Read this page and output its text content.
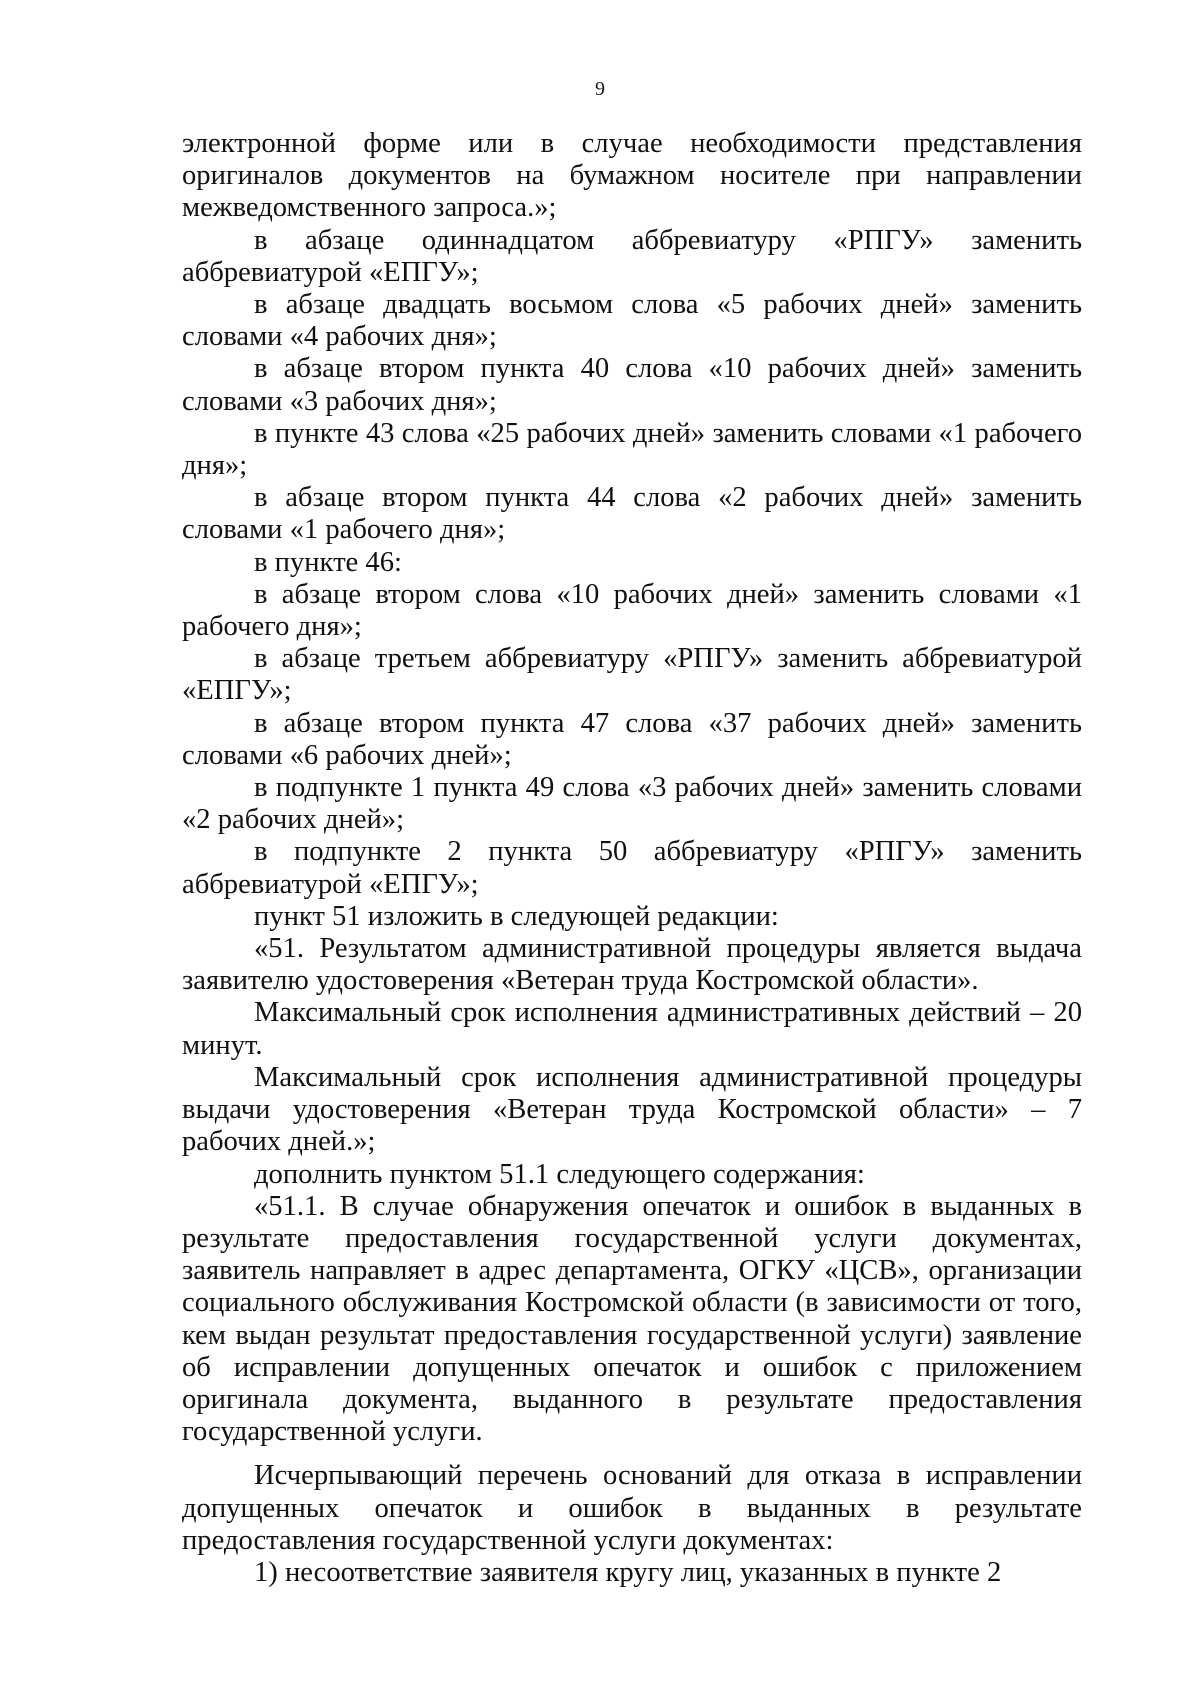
9

электронной форме или в случае необходимости представления оригиналов документов на бумажном носителе при направлении межведомственного запроса.»;

в абзаце одиннадцатом аббревиатуру «РПГУ» заменить аббревиатурой «ЕПГУ»;

в абзаце двадцать восьмом слова «5 рабочих дней» заменить словами «4 рабочих дня»;

в абзаце втором пункта 40 слова «10 рабочих дней» заменить словами «3 рабочих дня»;

в пункте 43 слова «25 рабочих дней» заменить словами «1 рабочего дня»;

в абзаце втором пункта 44 слова «2 рабочих дней» заменить словами «1 рабочего дня»;

в пункте 46:

в абзаце втором слова «10 рабочих дней» заменить словами «1 рабочего дня»;

в абзаце третьем аббревиатуру «РПГУ» заменить аббревиатурой «ЕПГУ»;

в абзаце втором пункта 47 слова «37 рабочих дней» заменить словами «6 рабочих дней»;

в подпункте 1 пункта 49 слова «3 рабочих дней» заменить словами «2 рабочих дней»;

в подпункте 2 пункта 50 аббревиатуру «РПГУ» заменить аббревиатурой «ЕПГУ»;

пункт 51 изложить в следующей редакции:

«51. Результатом административной процедуры является выдача заявителю удостоверения «Ветеран труда Костромской области».

Максимальный срок исполнения административных действий – 20 минут.

Максимальный срок исполнения административной процедуры выдачи удостоверения «Ветеран труда Костромской области» – 7 рабочих дней.»;

дополнить пунктом 51.1 следующего содержания:

«51.1. В случае обнаружения опечаток и ошибок в выданных в результате предоставления государственной услуги документах, заявитель направляет в адрес департамента, ОГКУ «ЦСВ», организации социального обслуживания Костромской области (в зависимости от того, кем выдан результат предоставления государственной услуги) заявление об исправлении допущенных опечаток и ошибок с приложением оригинала документа, выданного в результате предоставления государственной услуги.

Исчерпывающий перечень оснований для отказа в исправлении допущенных опечаток и ошибок в выданных в результате предоставления государственной услуги документах:

1) несоответствие заявителя кругу лиц, указанных в пункте 2
